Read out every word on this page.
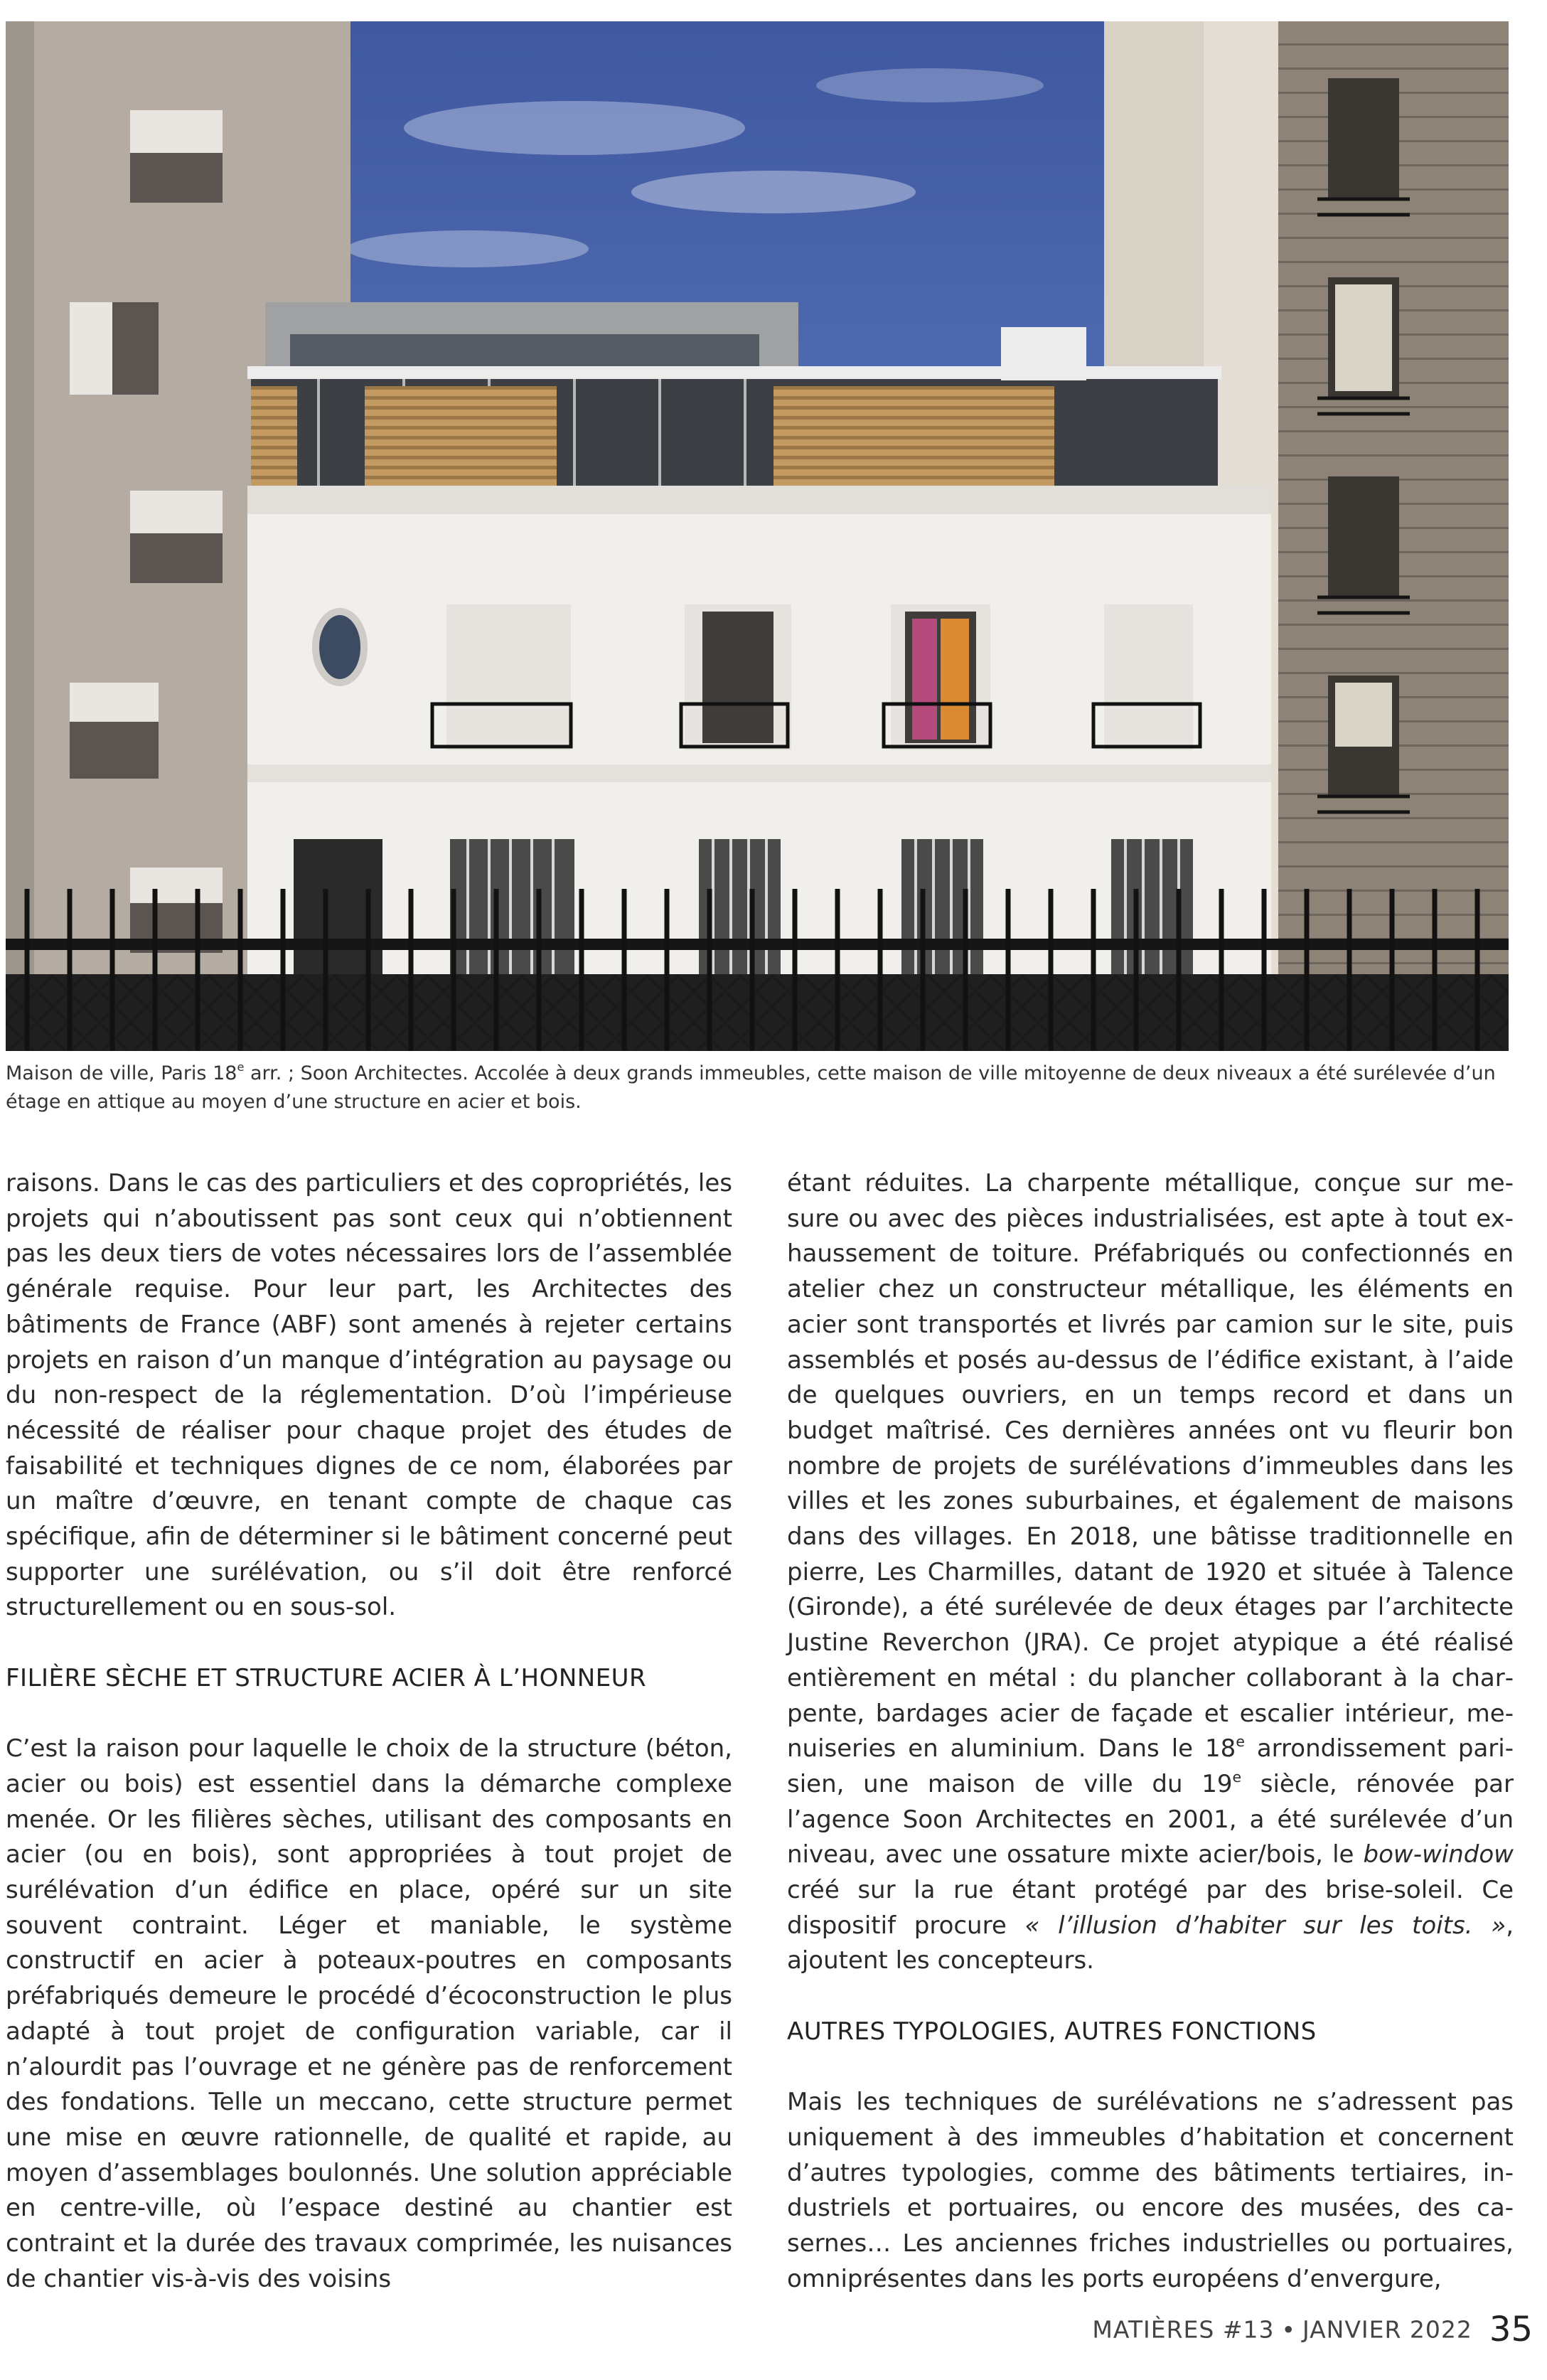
Maison de ville, Paris 18e arr. ; Soon Architectes. Accolée à deux grands immeubles, cette maison de ville mitoyenne de deux niveaux a été surélevée d’un étage en attique au moyen d’une structure en acier et bois.

raisons. Dans le cas des particuliers et des copropriétés, les projets qui n’aboutissent pas sont ceux qui n’obtiennent pas les deux tiers de votes nécessaires lors de l’assemblée générale requise. Pour leur part, les Architectes des bâtiments de France (ABF) sont amenés à rejeter certains projets en raison d’un manque d’intégration au paysage ou du non-respect de la réglementation. D’où l’impérieuse nécessité de réaliser pour chaque projet des études de faisabilité et techniques dignes de ce nom, élaborées par un maître d’œuvre, en tenant compte de chaque cas spécifique, afin de déterminer si le bâtiment concerné peut supporter une surélévation, ou s’il doit être renforcé structurellement ou en sous-sol.

FILIÈRE SÈCHE ET STRUCTURE ACIER À L’HONNEUR

C’est la raison pour laquelle le choix de la structure (béton, acier ou bois) est essentiel dans la démarche complexe menée. Or les filières sèches, utilisant des composants en acier (ou en bois), sont appropriées à tout projet de surélévation d’un édifice en place, opéré sur un site souvent contraint. Léger et maniable, le système constructif en acier à poteaux-poutres en composants préfabriqués demeure le procédé d’écoconstruction le plus adapté à tout projet de configuration variable, car il n’alourdit pas l’ouvrage et ne génère pas de renforcement des fondations. Telle un meccano, cette structure permet une mise en œuvre rationnelle, de qualité et rapide, au moyen d’assemblages boulonnés. Une solution appréciable en centre-ville, où l’espace destiné au chantier est contraint et la durée des travaux comprimée, les nuisances de chantier vis-à-vis des voisins

étant réduites. La charpente métallique, conçue sur mesure ou avec des pièces industrialisées, est apte à tout exhaussement de toiture. Préfabriqués ou confectionnés en atelier chez un constructeur métallique, les éléments en acier sont transportés et livrés par camion sur le site, puis assemblés et posés au-dessus de l’édifice existant, à l’aide de quelques ouvriers, en un temps record et dans un budget maîtrisé. Ces dernières années ont vu fleurir bon nombre de projets de surélévations d’immeubles dans les villes et les zones suburbaines, et également de maisons dans des villages. En 2018, une bâtisse traditionnelle en pierre, Les Charmilles, datant de 1920 et située à Talence (Gironde), a été surélevée de deux étages par l’architecte Justine Reverchon (JRA). Ce projet atypique a été réalisé entièrement en métal : du plancher collaborant à la charpente, bardages acier de façade et escalier intérieur, menuiseries en aluminium. Dans le 18e arrondissement parisien, une maison de ville du 19e siècle, rénovée par l’agence Soon Architectes en 2001, a été surélevée d’un niveau, avec une ossature mixte acier/bois, le bow-window créé sur la rue étant protégé par des brise-soleil. Ce dispositif procure « l’illusion d’habiter sur les toits. », ajoutent les concepteurs.

AUTRES TYPOLOGIES, AUTRES FONCTIONS

Mais les techniques de surélévations ne s’adressent pas uniquement à des immeubles d’habitation et concernent d’autres typologies, comme des bâtiments tertiaires, industriels et portuaires, ou encore des musées, des casernes… Les anciennes friches industrielles ou portuaires, omniprésentes dans les ports européens d’envergure,

MATIÈRES #13 • JANVIER 2022 35
